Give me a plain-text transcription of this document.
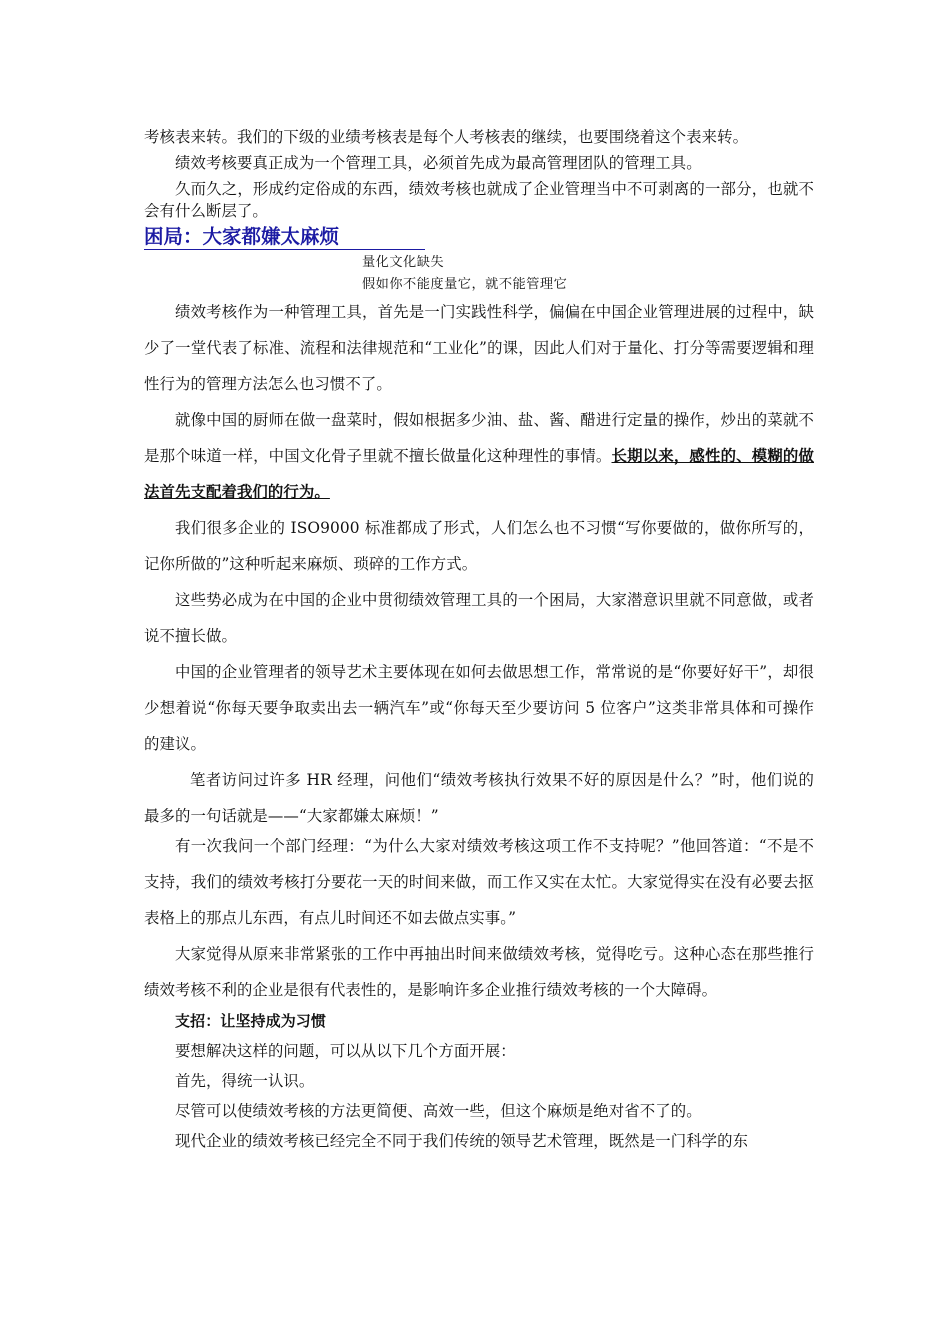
考核表来转。我们的下级的业绩考核表是每个人考核表的继续，也要围绕着这个表来转。

绩效考核要真正成为一个管理工具，必须首先成为最高管理团队的管理工具。

久而久之，形成约定俗成的东西，绩效考核也就成了企业管理当中不可剥离的一部分，也就不会有什么断层了。

困局：大家都嫌太麻烦

量化文化缺失

假如你不能度量它，就不能管理它

绩效考核作为一种管理工具，首先是一门实践性科学，偏偏在中国企业管理进展的过程中，缺少了一堂代表了标准、流程和法律规范和“工业化”的课，因此人们对于量化、打分等需要逻辑和理性行为的管理方法怎么也习惯不了。

就像中国的厨师在做一盘菜时，假如根据多少油、盐、酱、醋进行定量的操作，炒出的菜就不是那个味道一样，中国文化骨子里就不擅长做量化这种理性的事情。长期以来，感性的、模糊的做法首先支配着我们的行为。

我们很多企业的 ISO9000 标准都成了形式，人们怎么也不习惯“写你要做的，做你所写的，记你所做的”这种听起来麻烦、琐碎的工作方式。

这些势必成为在中国的企业中贯彻绩效管理工具的一个困局，大家潜意识里就不同意做，或者说不擅长做。

中国的企业管理者的领导艺术主要体现在如何去做思想工作，常常说的是“你要好好干”，却很少想着说“你每天要争取卖出去一辆汽车”或“你每天至少要访问 5 位客户”这类非常具体和可操作的建议。

笔者访问过许多 HR 经理，问他们“绩效考核执行效果不好的原因是什么？”时，他们说的最多的一句话就是——“大家都嫌太麻烦！”

有一次我问一个部门经理：“为什么大家对绩效考核这项工作不支持呢？”他回答道：“不是不支持，我们的绩效考核打分要花一天的时间来做，而工作又实在太忙。大家觉得实在没有必要去抠表格上的那点儿东西，有点儿时间还不如去做点实事。”

大家觉得从原来非常紧张的工作中再抽出时间来做绩效考核，觉得吃亏。这种心态在那些推行绩效考核不利的企业是很有代表性的，是影响许多企业推行绩效考核的一个大障碍。

支招：让坚持成为习惯

要想解决这样的问题，可以从以下几个方面开展：

首先，得统一认识。

尽管可以使绩效考核的方法更简便、高效一些，但这个麻烦是绝对省不了的。

现代企业的绩效考核已经完全不同于我们传统的领导艺术管理，既然是一门科学的东
